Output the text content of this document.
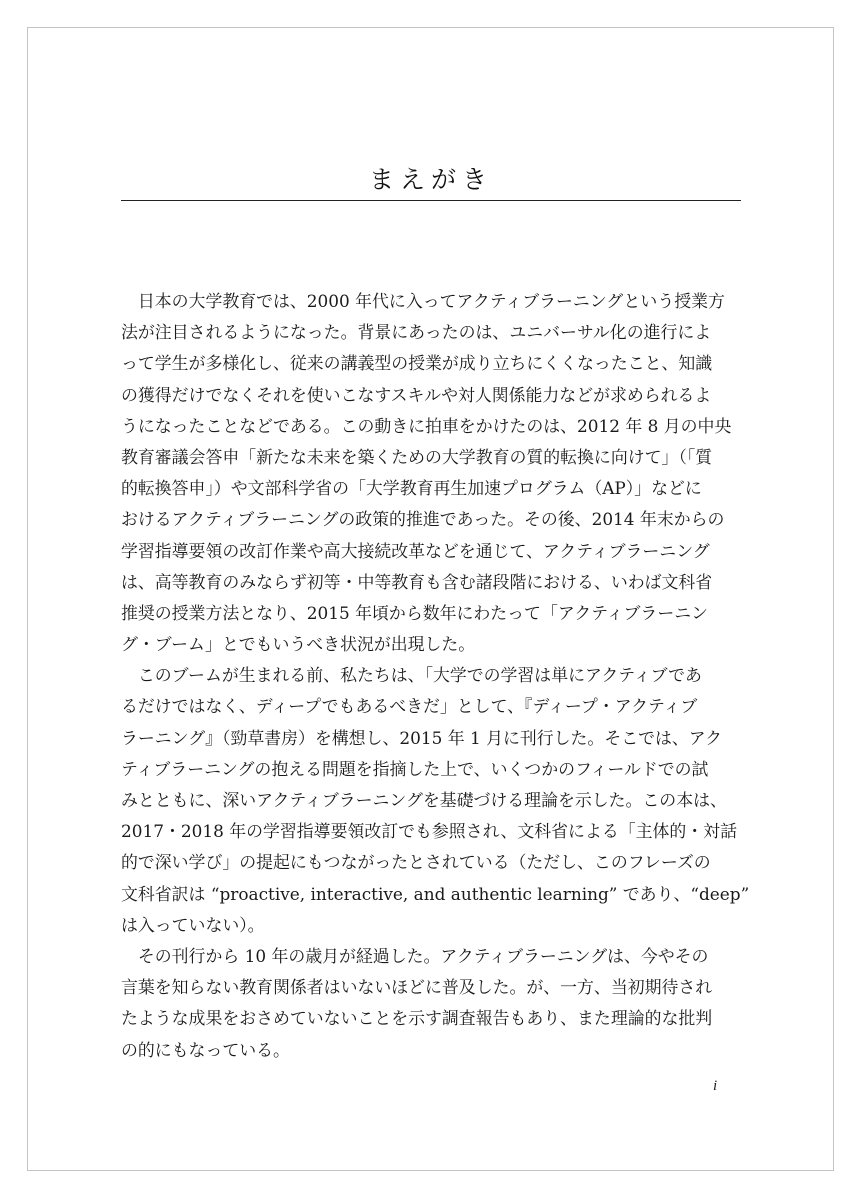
まえがき
　日本の大学教育では、2000 年代に入ってアクティブラーニングという授業方
法が注目されるようになった。背景にあったのは、ユニバーサル化の進行によ
って学生が多様化し、従来の講義型の授業が成り立ちにくくなったこと、知識
の獲得だけでなくそれを使いこなすスキルや対人関係能力などが求められるよ
うになったことなどである。この動きに拍車をかけたのは、2012 年 8 月の中央
教育審議会答申「新たな未来を築くための大学教育の質的転換に向けて」（「質
的転換答申」）や文部科学省の「大学教育再生加速プログラム（AP）」などに
おけるアクティブラーニングの政策的推進であった。その後、2014 年末からの
学習指導要領の改訂作業や高大接続改革などを通じて、アクティブラーニング
は、高等教育のみならず初等・中等教育も含む諸段階における、いわば文科省
推奨の授業方法となり、2015 年頃から数年にわたって「アクティブラーニン
グ・ブーム」とでもいうべき状況が出現した。
　このブームが生まれる前、私たちは、「大学での学習は単にアクティブであ
るだけではなく、ディープでもあるべきだ」として、『ディープ・アクティブ
ラーニング』（勁草書房）を構想し、2015 年 1 月に刊行した。そこでは、アク
ティブラーニングの抱える問題を指摘した上で、いくつかのフィールドでの試
みとともに、深いアクティブラーニングを基礎づける理論を示した。この本は、
2017・2018 年の学習指導要領改訂でも参照され、文科省による「主体的・対話
的で深い学び」の提起にもつながったとされている（ただし、このフレーズの
文科省訳は “proactive, interactive, and authentic learning” であり、“deep”
は入っていない）。
　その刊行から 10 年の歳月が経過した。アクティブラーニングは、今やその
言葉を知らない教育関係者はいないほどに普及した。が、一方、当初期待され
たような成果をおさめていないことを示す調査報告もあり、また理論的な批判
の的にもなっている。
i
